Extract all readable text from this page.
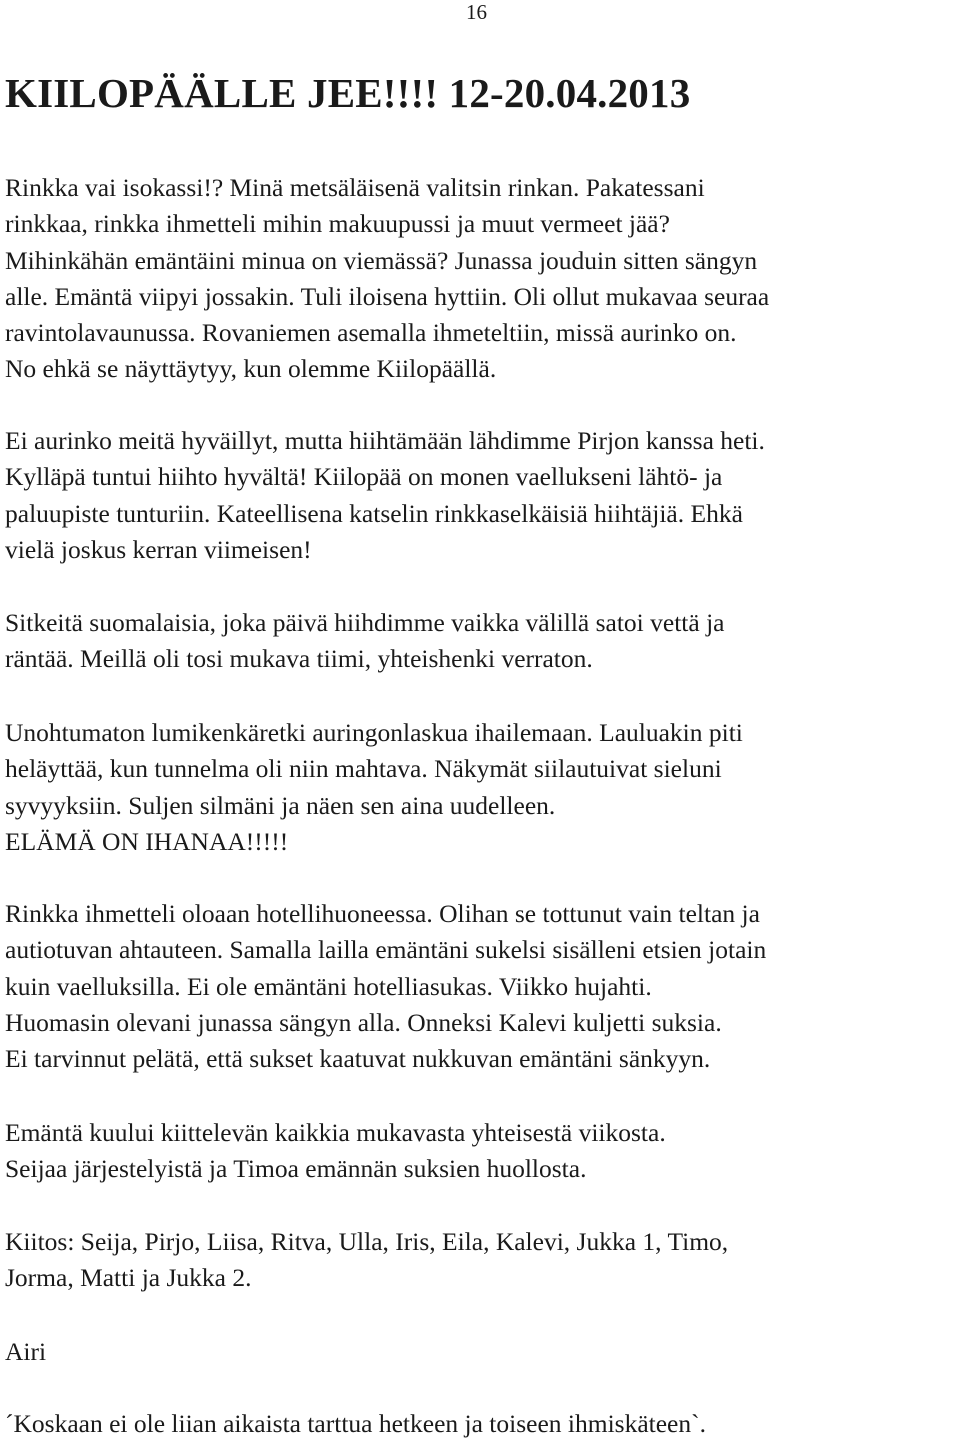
16
KIILOPÄÄLLE JEE!!!! 12-20.04.2013

Rinkka vai isokassi!? Minä metsäläisenä valitsin rinkan. Pakatessani
rinkkaa, rinkka ihmetteli mihin makuupussi ja muut vermeet jää?
Mihinkähän emäntäini minua on viemässä? Junassa jouduin sitten sängyn
alle. Emäntä viipyi jossakin. Tuli iloisena hyttiin. Oli ollut mukavaa seuraa
ravintolavaunussa. Rovaniemen asemalla ihmeteltiin, missä aurinko on.
No ehkä se näyttäytyy, kun olemme Kiilopäällä.

Ei aurinko meitä hyväillyt, mutta hiihtämään lähdimme Pirjon kanssa heti.
Kylläpä tuntui hiihto hyvältä! Kiilopää on monen vaellukseni lähtö- ja
paluupiste tunturiin. Kateellisena katselin rinkkaselkäisiä hiihtäjiä. Ehkä
vielä joskus kerran viimeisen!

Sitkeitä suomalaisia, joka päivä hiihdimme vaikka välillä satoi vettä ja
räntää. Meillä oli tosi mukava tiimi, yhteishenki verraton.

Unohtumaton lumikenkäretki auringonlaskua ihailemaan. Lauluakin piti
heläyttää, kun tunnelma oli niin mahtava. Näkymät siilautuivat sieluni
syvyyksiin. Suljen silmäni ja näen sen aina uudelleen.
ELÄMÄ ON IHANAA!!!!!

Rinkka ihmetteli oloaan hotellihuoneessa. Olihan se tottunut vain teltan ja
autiotuvan ahtauteen. Samalla lailla emäntäni sukelsi sisälleni etsien jotain
kuin vaelluksilla. Ei ole emäntäni hotelliasukas. Viikko hujahti.
Huomasin olevani junassa sängyn alla. Onneksi Kalevi kuljetti suksia.
Ei tarvinnut pelätä, että sukset kaatuvat nukkuvan emäntäni sänkyyn.

Emäntä kuului kiittelevän kaikkia mukavasta yhteisestä viikosta.
Seijaa järjestelyistä ja Timoa emännän suksien huollosta.

Kiitos: Seija, Pirjo, Liisa, Ritva, Ulla, Iris, Eila, Kalevi, Jukka 1, Timo,
Jorma, Matti ja Jukka 2.

Airi

´Koskaan ei ole liian aikaista tarttua hetkeen ja toiseen ihmiskäteen`.
